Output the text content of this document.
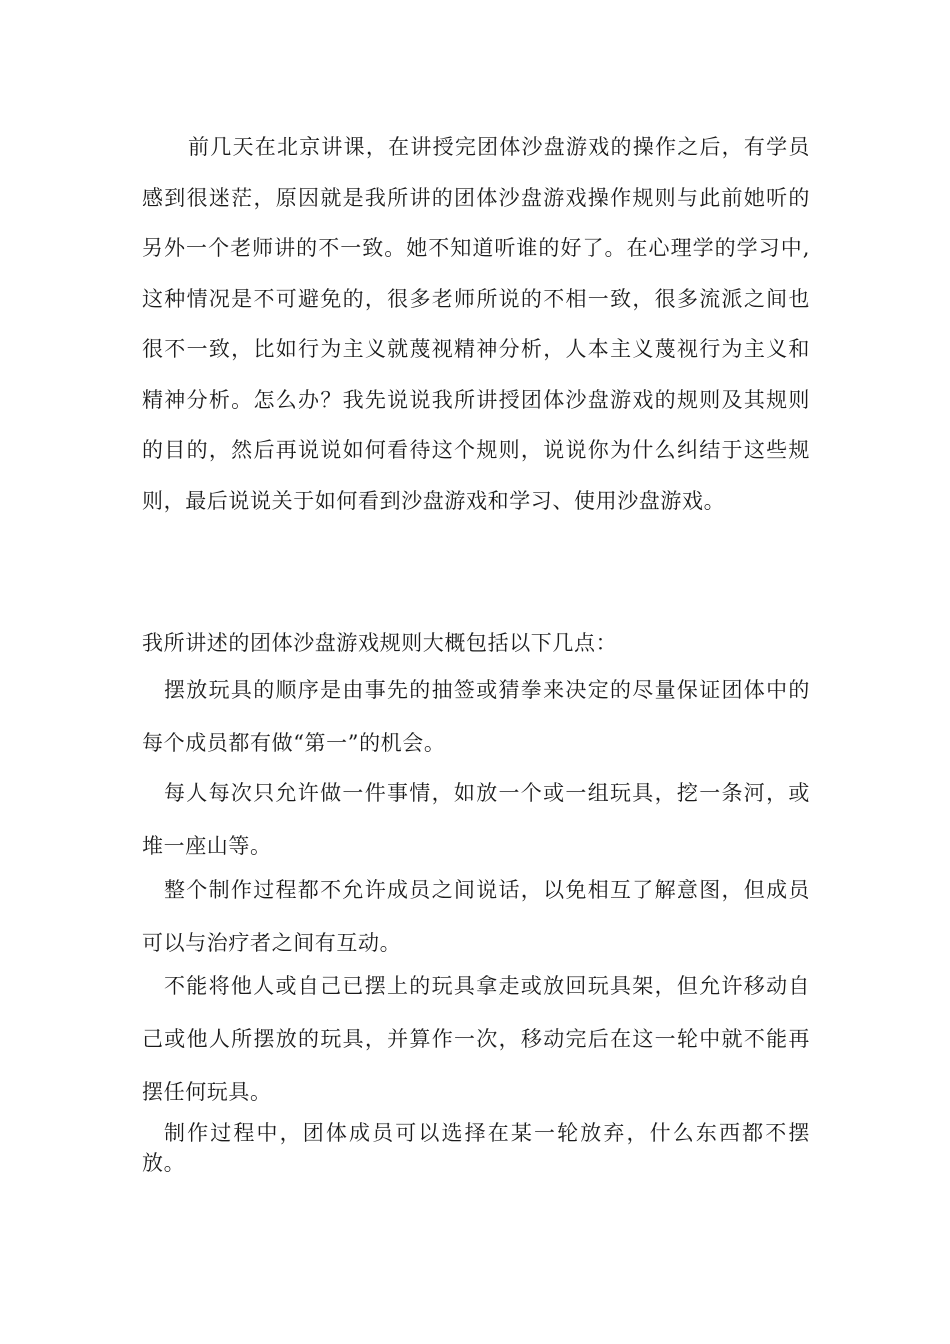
前几天在北京讲课，在讲授完团体沙盘游戏的操作之后，有学员感到很迷茫，原因就是我所讲的团体沙盘游戏操作规则与此前她听的另外一个老师讲的不一致。她不知道听谁的好了。在心理学的学习中,这种情况是不可避免的，很多老师所说的不相一致，很多流派之间也很不一致，比如行为主义就蔑视精神分析，人本主义蔑视行为主义和精神分析。怎么办？我先说说我所讲授团体沙盘游戏的规则及其规则的目的，然后再说说如何看待这个规则，说说你为什么纠结于这些规则，最后说说关于如何看到沙盘游戏和学习、使用沙盘游戏。

我所讲述的团体沙盘游戏规则大概包括以下几点：

摆放玩具的顺序是由事先的抽签或猜拳来决定的尽量保证团体中的每个成员都有做“第一”的机会。

每人每次只允许做一件事情，如放一个或一组玩具，挖一条河，或堆一座山等。

整个制作过程都不允许成员之间说话，以免相互了解意图，但成员可以与治疗者之间有互动。

不能将他人或自己已摆上的玩具拿走或放回玩具架，但允许移动自己或他人所摆放的玩具，并算作一次，移动完后在这一轮中就不能再摆任何玩具。

制作过程中，团体成员可以选择在某一轮放弃，什么东西都不摆放。
